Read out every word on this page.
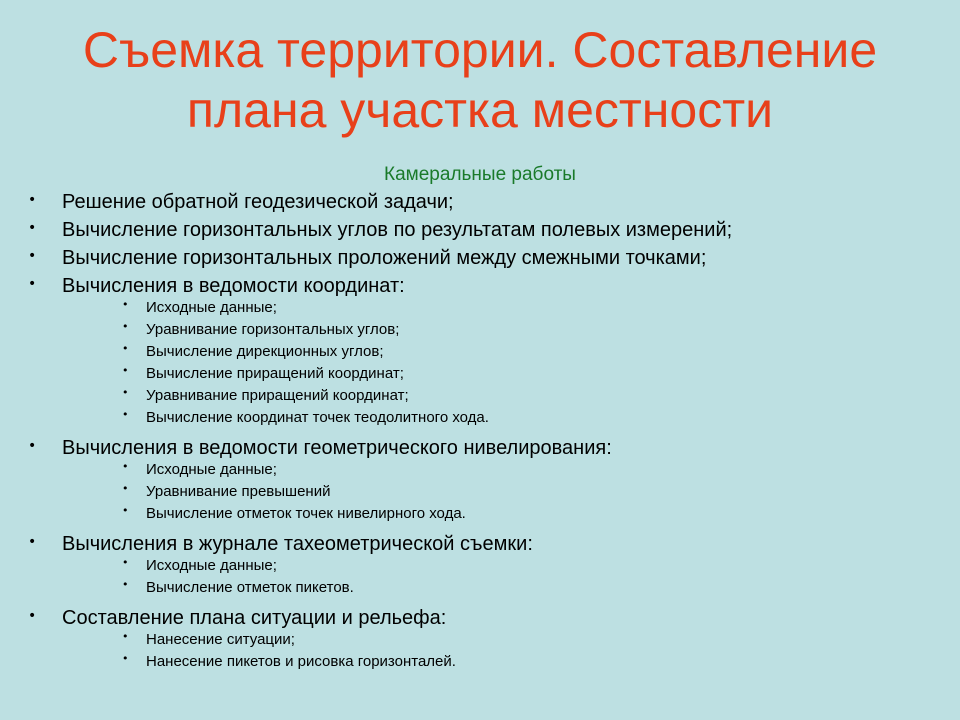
Съемка территории. Составление
плана участка местности
Камеральные работы
• Решение обратной геодезической задачи;
• Вычисление горизонтальных углов по результатам полевых измерений;
• Вычисление горизонтальных проложений между смежными точками;
• Вычисления в ведомости координат:
• Исходные данные;
• Уравнивание горизонтальных углов;
• Вычисление дирекционных углов;
• Вычисление приращений координат;
• Уравнивание приращений координат;
• Вычисление координат точек теодолитного хода.
• Вычисления в ведомости геометрического нивелирования:
• Исходные данные;
• Уравнивание превышений
• Вычисление отметок точек нивелирного хода.
• Вычисления в журнале тахеометрической съемки:
• Исходные данные;
• Вычисление отметок пикетов.
• Составление плана ситуации и рельефа:
• Нанесение ситуации;
• Нанесение пикетов и рисовка горизонталей.
